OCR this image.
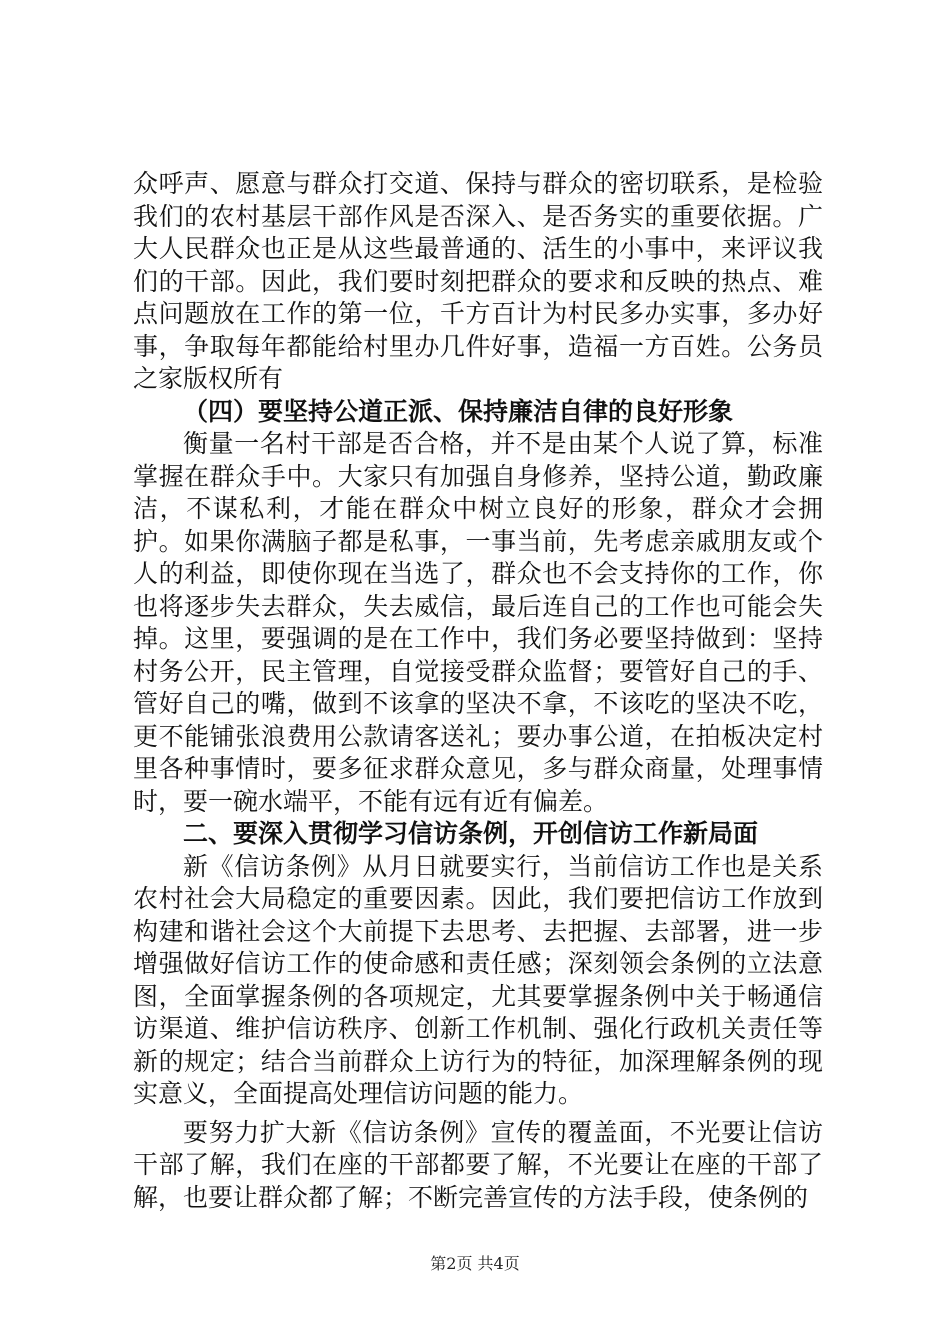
众呼声、愿意与群众打交道、保持与群众的密切联系，是检验我们的农村基层干部作风是否深入、是否务实的重要依据。广大人民群众也正是从这些最普通的、活生的小事中，来评议我们的干部。因此，我们要时刻把群众的要求和反映的热点、难点问题放在工作的第一位，千方百计为村民多办实事，多办好事，争取每年都能给村里办几件好事，造福一方百姓。公务员之家版权所有

（四）要坚持公道正派、保持廉洁自律的良好形象

衡量一名村干部是否合格，并不是由某个人说了算，标准掌握在群众手中。大家只有加强自身修养，坚持公道，勤政廉洁，不谋私利，才能在群众中树立良好的形象，群众才会拥护。如果你满脑子都是私事，一事当前，先考虑亲戚朋友或个人的利益，即使你现在当选了，群众也不会支持你的工作，你也将逐步失去群众，失去威信，最后连自己的工作也可能会失掉。这里，要强调的是在工作中，我们务必要坚持做到：坚持村务公开，民主管理，自觉接受群众监督；要管好自己的手、管好自己的嘴，做到不该拿的坚决不拿，不该吃的坚决不吃，更不能铺张浪费用公款请客送礼；要办事公道，在拍板决定村里各种事情时，要多征求群众意见，多与群众商量，处理事情时，要一碗水端平，不能有远有近有偏差。

二、要深入贯彻学习信访条例，开创信访工作新局面

新《信访条例》从月日就要实行，当前信访工作也是关系农村社会大局稳定的重要因素。因此，我们要把信访工作放到构建和谐社会这个大前提下去思考、去把握、去部署，进一步增强做好信访工作的使命感和责任感；深刻领会条例的立法意图，全面掌握条例的各项规定，尤其要掌握条例中关于畅通信访渠道、维护信访秩序、创新工作机制、强化行政机关责任等新的规定；结合当前群众上访行为的特征，加深理解条例的现实意义，全面提高处理信访问题的能力。

要努力扩大新《信访条例》宣传的覆盖面，不光要让信访干部了解，我们在座的干部都要了解，不光要让在座的干部了解，也要让群众都了解；不断完善宣传的方法手段，使条例的

第2页 共4页
